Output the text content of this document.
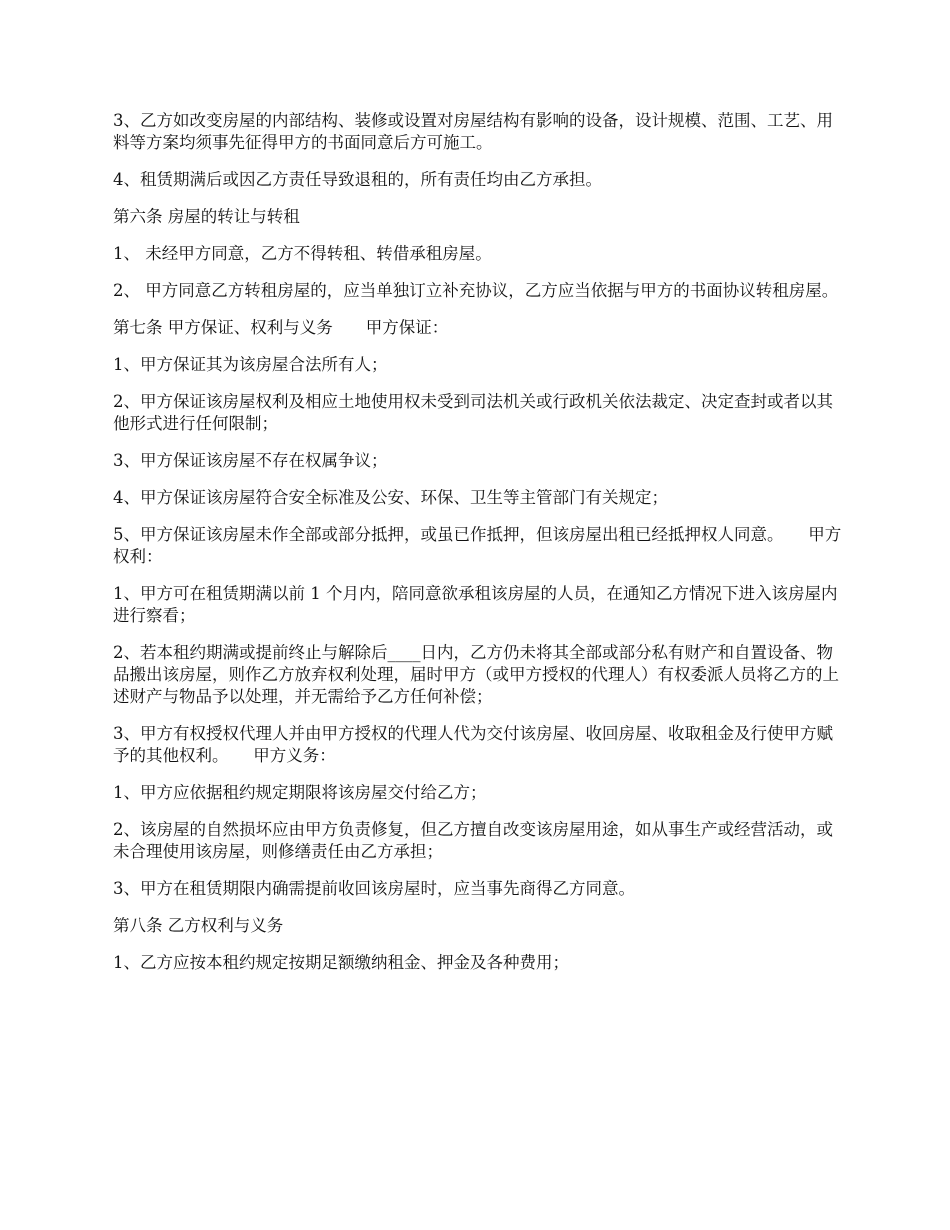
3、乙方如改变房屋的内部结构、装修或设置对房屋结构有影响的设备，设计规模、范围、工艺、用料等方案均须事先征得甲方的书面同意后方可施工。

4、租赁期满后或因乙方责任导致退租的，所有责任均由乙方承担。

第六条 房屋的转让与转租

1、 未经甲方同意，乙方不得转租、转借承租房屋。

2、 甲方同意乙方转租房屋的，应当单独订立补充协议，乙方应当依据与甲方的书面协议转租房屋。

第七条 甲方保证、权利与义务　　甲方保证：

1、甲方保证其为该房屋合法所有人；

2、甲方保证该房屋权利及相应土地使用权未受到司法机关或行政机关依法裁定、决定查封或者以其他形式进行任何限制；

3、甲方保证该房屋不存在权属争议；

4、甲方保证该房屋符合安全标准及公安、环保、卫生等主管部门有关规定；

5、甲方保证该房屋未作全部或部分抵押，或虽已作抵押，但该房屋出租已经抵押权人同意。　　甲方权利：

1、甲方可在租赁期满以前 1 个月内，陪同意欲承租该房屋的人员，在通知乙方情况下进入该房屋内进行察看；

2、若本租约期满或提前终止与解除后____日内，乙方仍未将其全部或部分私有财产和自置设备、物品搬出该房屋，则作乙方放弃权利处理，届时甲方（或甲方授权的代理人）有权委派人员将乙方的上述财产与物品予以处理，并无需给予乙方任何补偿；

3、甲方有权授权代理人并由甲方授权的代理人代为交付该房屋、收回房屋、收取租金及行使甲方赋予的其他权利。　　甲方义务：

1、甲方应依据租约规定期限将该房屋交付给乙方；

2、该房屋的自然损坏应由甲方负责修复，但乙方擅自改变该房屋用途，如从事生产或经营活动，或未合理使用该房屋，则修缮责任由乙方承担；

3、甲方在租赁期限内确需提前收回该房屋时，应当事先商得乙方同意。

第八条 乙方权利与义务

1、乙方应按本租约规定按期足额缴纳租金、押金及各种费用；
